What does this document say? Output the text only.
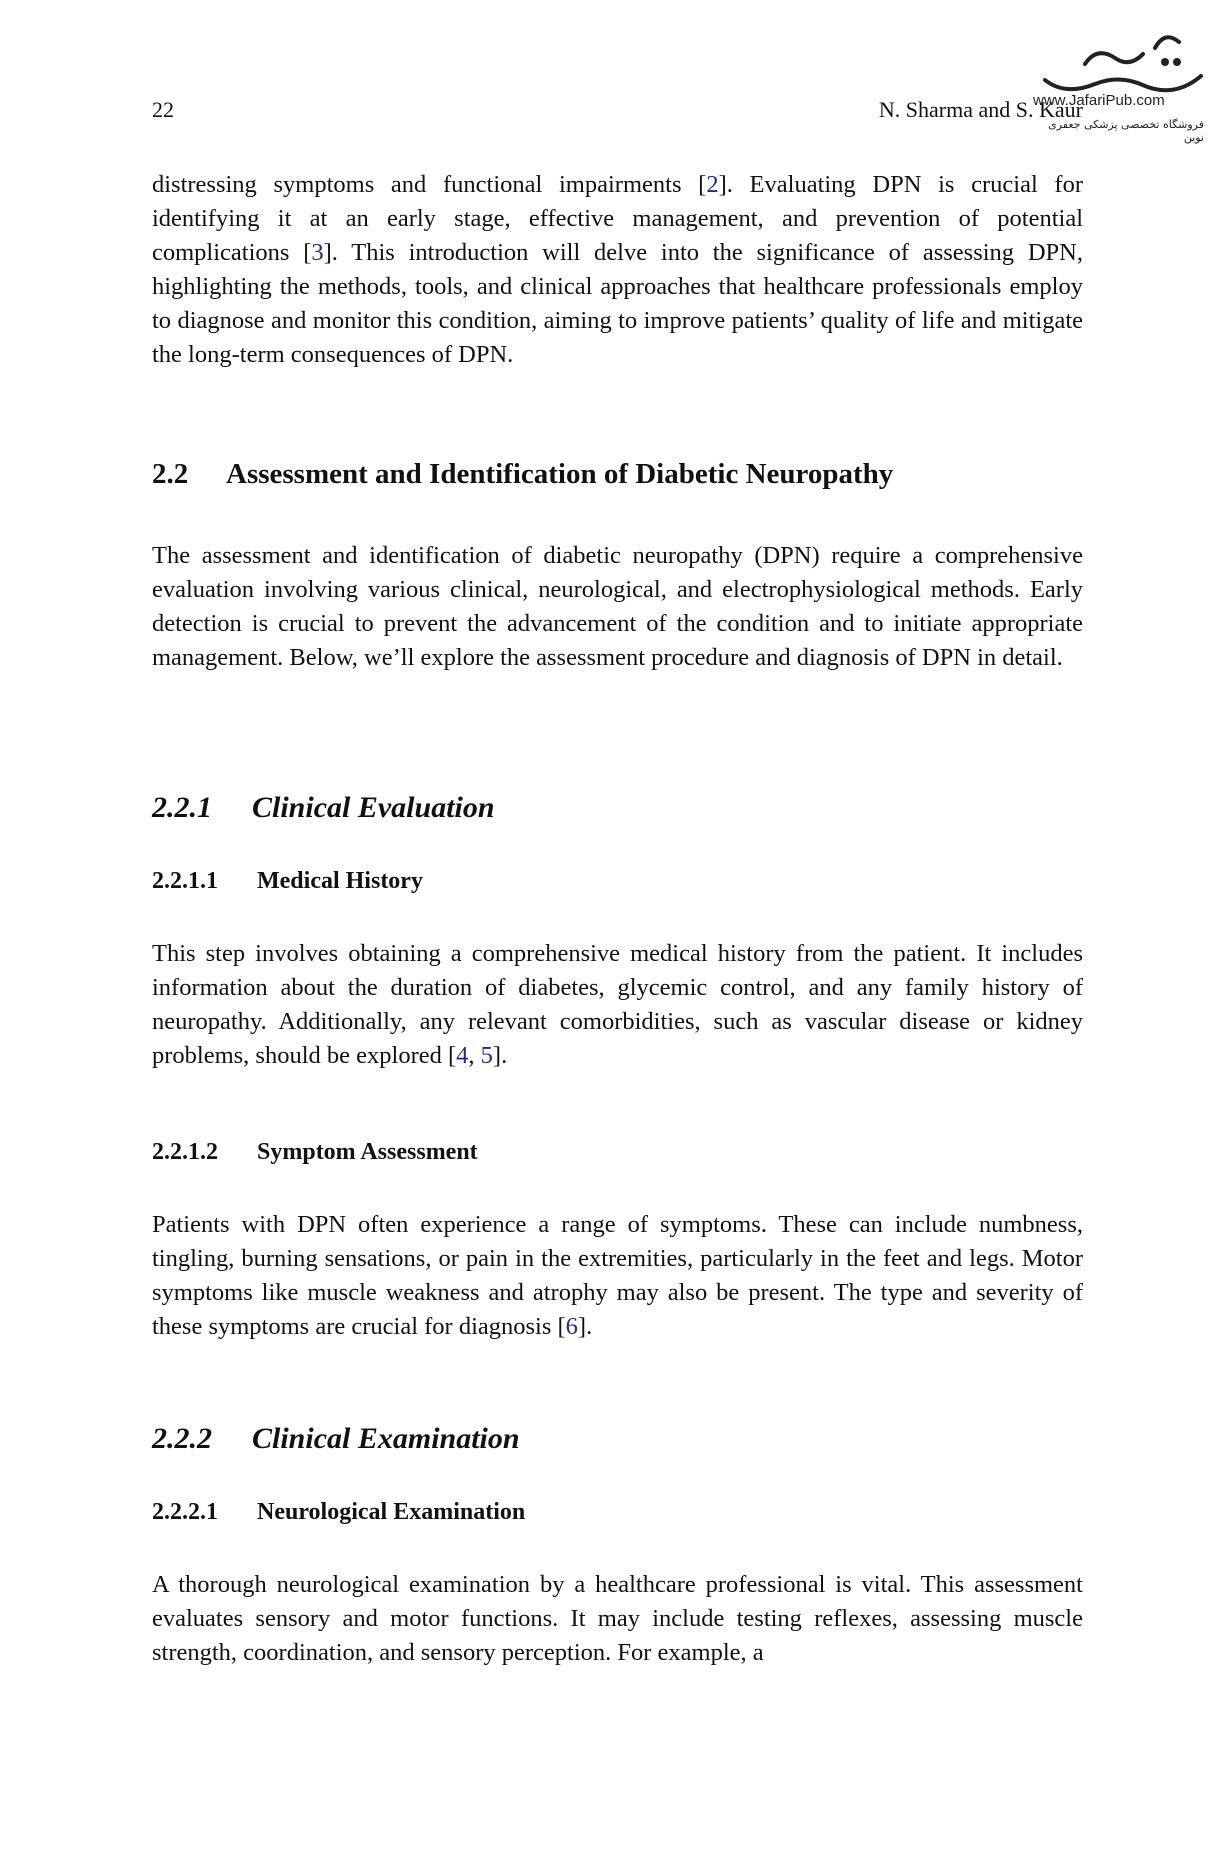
22	N. Sharma and S. Kaur
www.JafariPub.com
فروشگاه تخصصی پزشکی جعفری نوین

distressing symptoms and functional impairments [2]. Evaluating DPN is crucial for identifying it at an early stage, effective management, and prevention of potential complications [3]. This introduction will delve into the significance of assessing DPN, highlighting the methods, tools, and clinical approaches that healthcare professionals employ to diagnose and monitor this condition, aiming to improve patients’ quality of life and mitigate the long-term consequences of DPN.

2.2 Assessment and Identification of Diabetic Neuropathy

The assessment and identification of diabetic neuropathy (DPN) require a comprehensive evaluation involving various clinical, neurological, and electrophysiological methods. Early detection is crucial to prevent the advancement of the condition and to initiate appropriate management. Below, we’ll explore the assessment procedure and diagnosis of DPN in detail.

2.2.1 Clinical Evaluation
2.2.1.1 Medical History

This step involves obtaining a comprehensive medical history from the patient. It includes information about the duration of diabetes, glycemic control, and any family history of neuropathy. Additionally, any relevant comorbidities, such as vascular disease or kidney problems, should be explored [4, 5].

2.2.1.2 Symptom Assessment

Patients with DPN often experience a range of symptoms. These can include numbness, tingling, burning sensations, or pain in the extremities, particularly in the feet and legs. Motor symptoms like muscle weakness and atrophy may also be present. The type and severity of these symptoms are crucial for diagnosis [6].

2.2.2 Clinical Examination
2.2.2.1 Neurological Examination

A thorough neurological examination by a healthcare professional is vital. This assessment evaluates sensory and motor functions. It may include testing reflexes, assessing muscle strength, coordination, and sensory perception. For example, a
